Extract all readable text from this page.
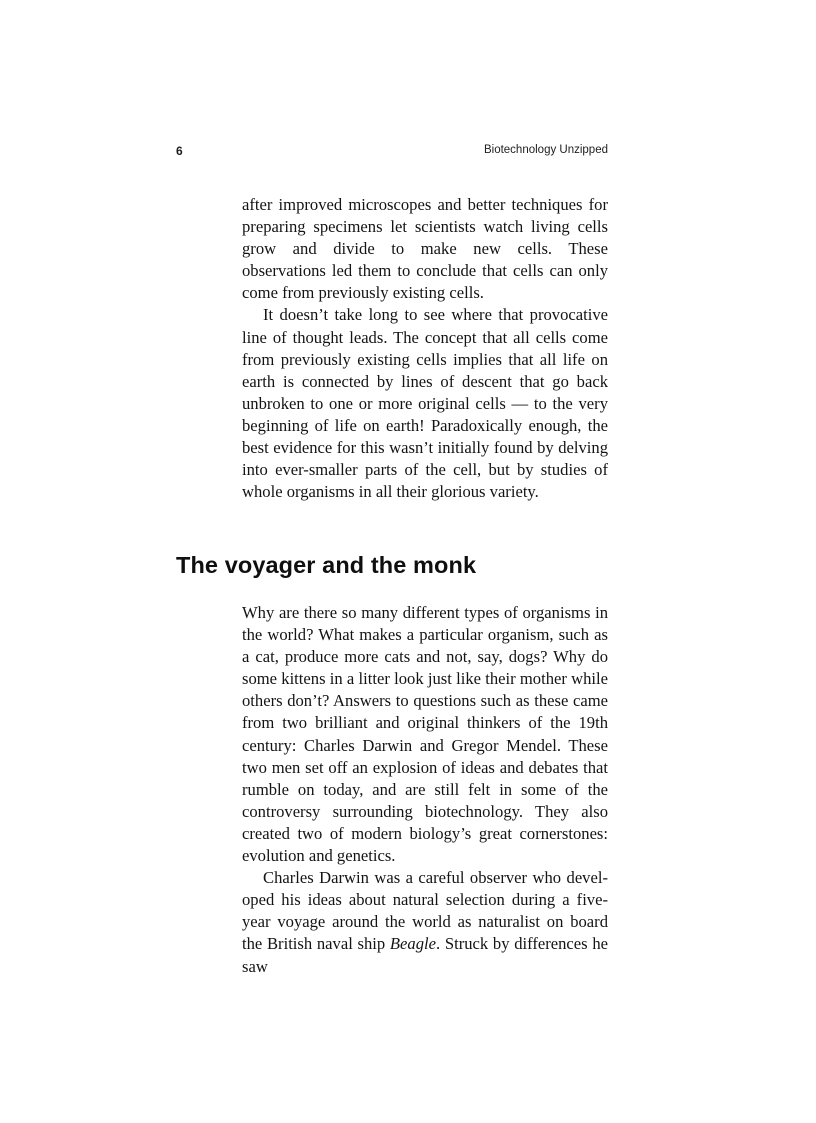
6	Biotechnology Unzipped

after improved microscopes and better techniques for preparing specimens let scientists watch living cells grow and divide to make new cells. These observations led them to conclude that cells can only come from previously existing cells.

It doesn’t take long to see where that provocative line of thought leads. The concept that all cells come from previously existing cells implies that all life on earth is connected by lines of descent that go back unbroken to one or more original cells — to the very beginning of life on earth! Paradoxically enough, the best evidence for this wasn’t initially found by delving into ever-smaller parts of the cell, but by studies of whole organisms in all their glorious variety.

The voyager and the monk

Why are there so many different types of organisms in the world? What makes a particular organism, such as a cat, produce more cats and not, say, dogs? Why do some kittens in a litter look just like their mother while others don’t? Answers to questions such as these came from two brilliant and original thinkers of the 19th century: Charles Darwin and Gregor Mendel. These two men set off an explosion of ideas and debates that rumble on today, and are still felt in some of the controversy surrounding biotechnology. They also created two of modern biology’s great cornerstones: evolution and genetics.

Charles Darwin was a careful observer who developed his ideas about natural selection during a five-year voyage around the world as naturalist on board the British naval ship Beagle. Struck by differences he saw
